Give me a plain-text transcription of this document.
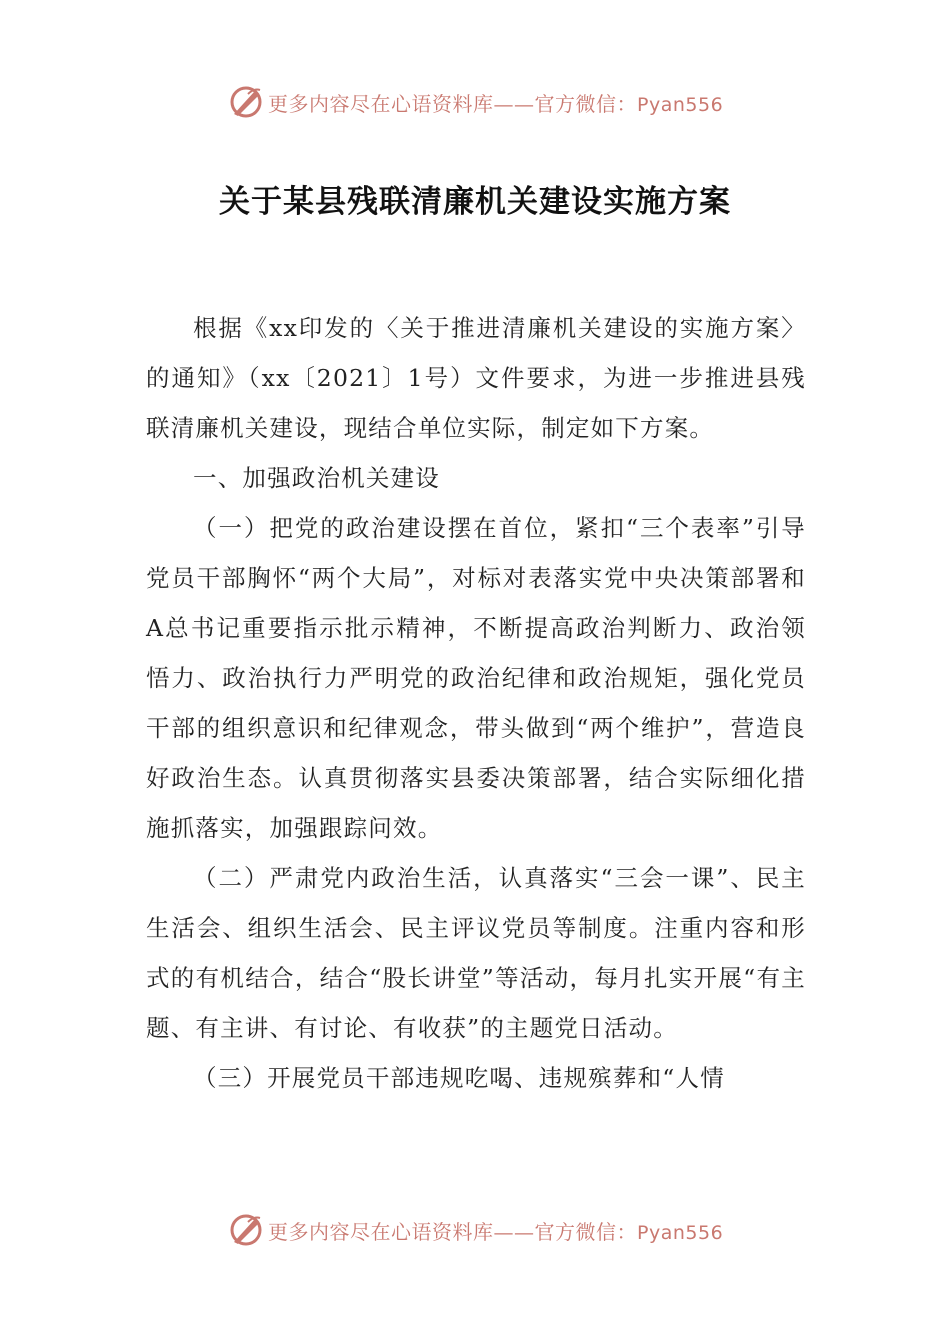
更多内容尽在心语资料库——官方微信：Pyan556
关于某县残联清廉机关建设实施方案

根据《xx印发的〈关于推进清廉机关建设的实施方案〉的通知》（xx〔2021〕1号）文件要求，为进一步推进县残联清廉机关建设，现结合单位实际，制定如下方案。

一、加强政治机关建设

（一）把党的政治建设摆在首位，紧扣“三个表率”引导党员干部胸怀“两个大局”，对标对表落实党中央决策部署和A总书记重要指示批示精神，不断提高政治判断力、政治领悟力、政治执行力严明党的政治纪律和政治规矩，强化党员干部的组织意识和纪律观念，带头做到“两个维护”，营造良好政治生态。认真贯彻落实县委决策部署，结合实际细化措施抓落实，加强跟踪问效。

（二）严肃党内政治生活，认真落实“三会一课”、民主生活会、组织生活会、民主评议党员等制度。注重内容和形式的有机结合，结合“股长讲堂”等活动，每月扎实开展“有主题、有主讲、有讨论、有收获”的主题党日活动。

（三）开展党员干部违规吃喝、违规殡葬和“人情

更多内容尽在心语资料库——官方微信：Pyan556
